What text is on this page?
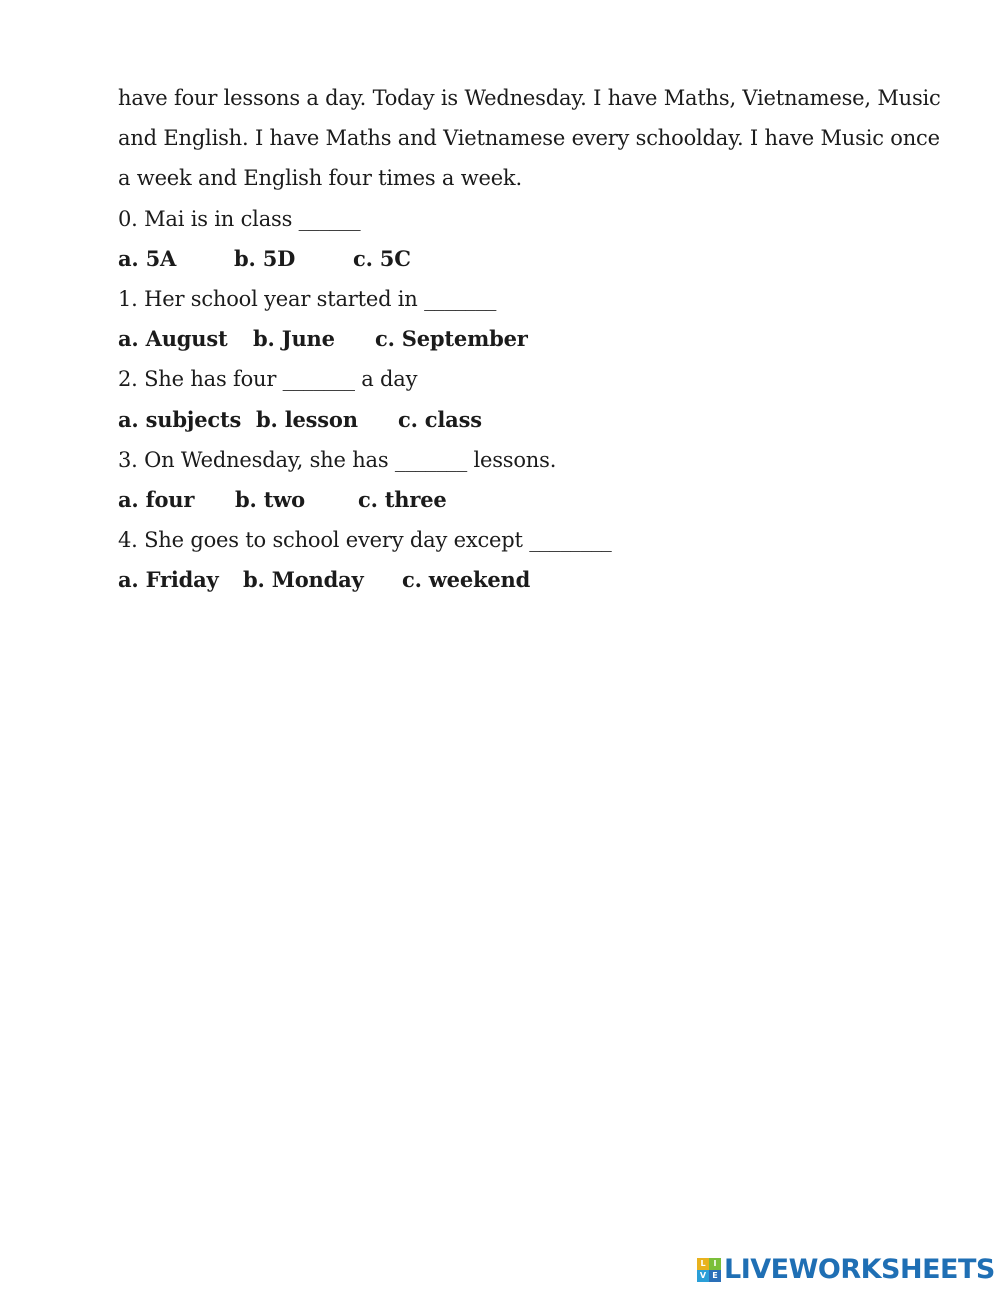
have four lessons a day. Today is Wednesday. I have Maths, Vietnamese, Music
and English. I have Maths and Vietnamese every schoolday. I have Music once
a week and English four times a week.
0. Mai is in class ______
a. 5A	b. 5D	c. 5C
1. Her school year started in _______
a. August b. June c. September
2. She has four _______ a day
a. subjects b. lesson c. class
3. On Wednesday, she has _______ lessons.
a. four b. two	c. three
4. She goes to school every day except ________
a. Friday b. Monday c. weekend
L I
V E LIVEWORKSHEETS
